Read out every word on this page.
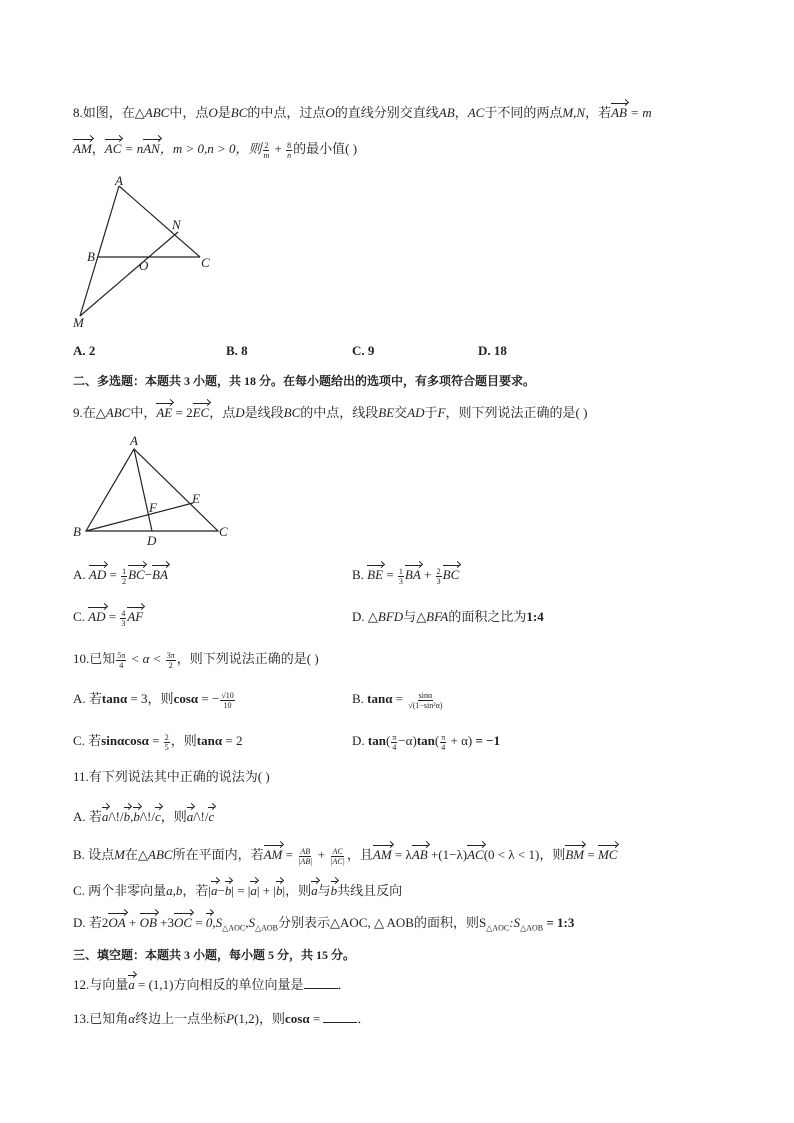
8.如图，在△ABC中，点O是BC的中点，过点O的直线分别交直线AB，AC于不同的两点M,N，若AB = m
AM，AC = nAN，m > 0,n > 0，则 $\frac{2}{m} + \frac{8}{n}$ 的最小值( )
A
N
B
O	C
M
A. 2	B. 8	C. 9	D. 18
二、多选题：本题共 3 小题，共 18 分。在每小题给出的选项中，有多项符合题目要求。
9.在△ABC中，AE = 2EC，点D是线段BC的中点，线段BE交AD于F，则下列说法正确的是( )
A
E
F
B
D
C
A. AD = $\frac{1}{2} BC-BA$	B. BE = $\frac{1}{3}$ BA + $\frac{2}{3}$ BC
C. AD = $\frac{4}{3}$ AF	D. △BFD与△BFA的面积之比为1:4
10.已知 $\frac{5\pi}{4} < \alpha < \frac{3\pi}{2}$ ，则下列说法正确的是( )
A. 若tanα = 3，则cosα = − $\frac{√10}{10}$	B. $\tan\alpha = \frac{\sin\alpha}{\text{√(1−sin²α)}}$
C. 若$\sin\alpha\cos\alpha = \frac{2}{5}$ ，则tanα = 2	D. $\tan( \frac{\pi}{4} -\alpha)\tan( \frac{\pi}{4} + \alpha) = -1$
11.有下列说法其中正确的说法为( )
A. 若a/\!/b,b/\!/c，则a/\!/c
B. 设点M在△ABC所在平面内，若AM = $\frac{AB}{|AB|} + \frac{AC}{|AC|}$ ，且AM = λAB +(1−λ)AC(0 < λ < 1)，则BM = MC
C. 两个非零向量a,b，若|a−b| = |a| + |b|，则a与b共线且反向
D. 若2OA + OB $+3OC = 0,S_{\triangle AOC},S_{\triangle AOB}$分别表示△AOC, △ AOB的面积，则$S_{\triangle AOC}:S_{\triangle AOB}$ = 1:3
三、填空题：本题共 3 小题，每小题 5 分，共 15 分。
12.与向量a = (1,1)方向相反的单位向量是	．
13.已知角α终边上一点坐标P(1,2)，则cosα =	．
